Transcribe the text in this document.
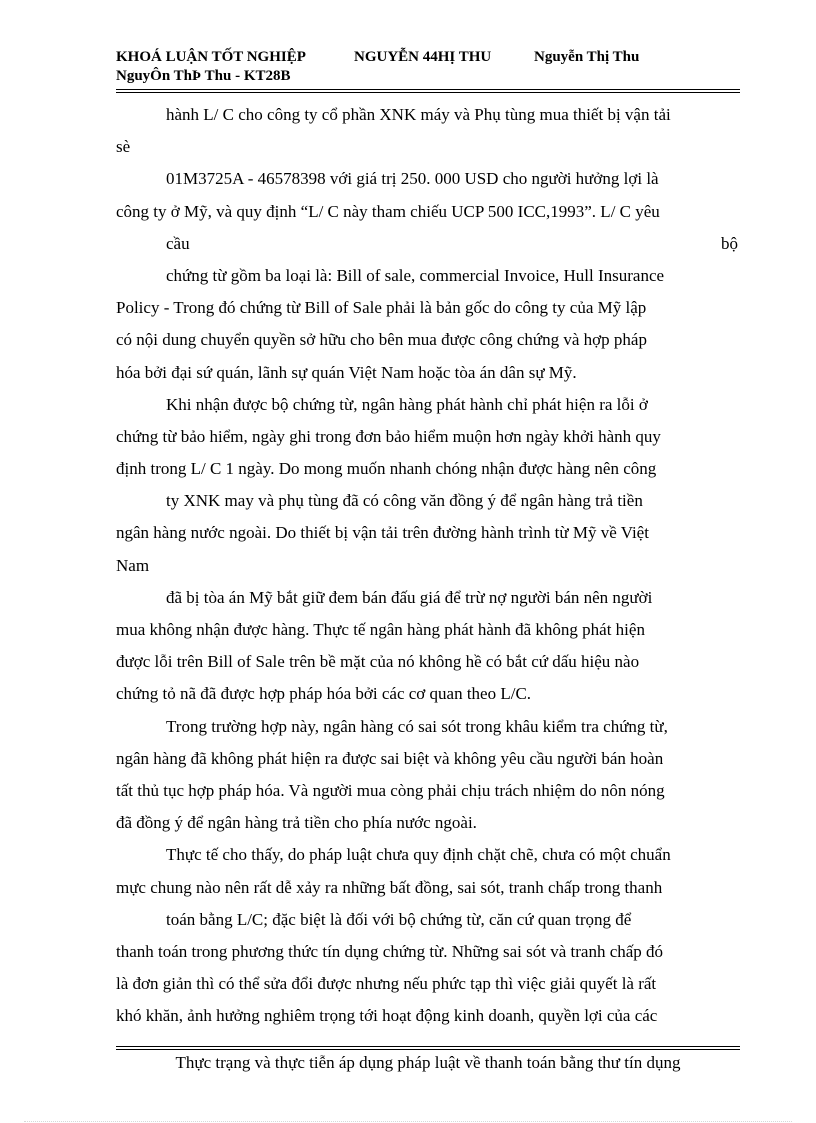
KHOÁ LUẬN TỐT NGHIỆP	NGUYỄN 44HỊ THU	Nguyễn Thị Thu
NguyÔn ThÞ Thu - KT28B
hành L/ C cho công ty cổ phần XNK máy và Phụ tùng mua thiết bị vận tải
sè
01M3725A - 46578398 với giá trị 250. 000 USD cho người hưởng lợi là
công ty ở Mỹ, và quy định “L/ C này tham chiếu UCP 500 ICC,1993”. L/ C yêu
cầu	bộ
chứng từ gồm ba loại là: Bill of sale, commercial Invoice, Hull Insurance
Policy - Trong đó chứng từ Bill of Sale phải là bản gốc do công ty của Mỹ lập
có nội dung chuyển quyền sở hữu cho bên mua được công chứng và hợp pháp
hóa bởi đại sứ quán, lãnh sự quán Việt Nam hoặc tòa án dân sự Mỹ.
Khi nhận được bộ chứng từ, ngân hàng phát hành chỉ phát hiện ra lỗi ở
chứng từ bảo hiểm, ngày ghi trong đơn bảo hiểm muộn hơn ngày khởi hành quy
định trong L/ C 1 ngày. Do mong muốn nhanh chóng nhận được hàng nên công
ty XNK may và phụ tùng đã có công văn đồng ý để ngân hàng trả tiền
ngân hàng nước ngoài. Do thiết bị vận tải trên đường hành trình từ Mỹ về Việt
Nam
đã bị tòa án Mỹ bắt giữ đem bán đấu giá để trừ nợ người bán nên người
mua không nhận được hàng. Thực tế ngân hàng phát hành đã không phát hiện
được lỗi trên Bill of Sale trên bề mặt của nó không hề có bắt cứ dấu hiệu nào
chứng tỏ nã đã được hợp pháp hóa bởi các cơ quan theo L/C.
Trong trường hợp này, ngân hàng có sai sót trong khâu kiểm tra chứng từ,
ngân hàng đã không phát hiện ra được sai biệt và không yêu cầu người bán hoàn
tất thủ tục hợp pháp hóa. Và người mua còng phải chịu trách nhiệm do nôn nóng
đã đồng ý để ngân hàng trả tiền cho phía nước ngoài.
Thực tế cho thấy, do pháp luật chưa quy định chặt chẽ, chưa có một chuẩn
mực chung nào nên rất dễ xảy ra những bất đồng, sai sót, tranh chấp trong thanh
toán bằng L/C; đặc biệt là đối với bộ chứng từ, căn cứ quan trọng để
thanh toán trong phương thức tín dụng chứng từ. Những sai sót và tranh chấp đó
là đơn giản thì có thể sửa đổi được nhưng nếu phức tạp thì việc giải quyết là rất
khó khăn, ảnh hưởng nghiêm trọng tới hoạt động kinh doanh, quyền lợi của các
Thực trạng và thực tiễn áp dụng pháp luật về thanh toán bằng thư tín dụng
